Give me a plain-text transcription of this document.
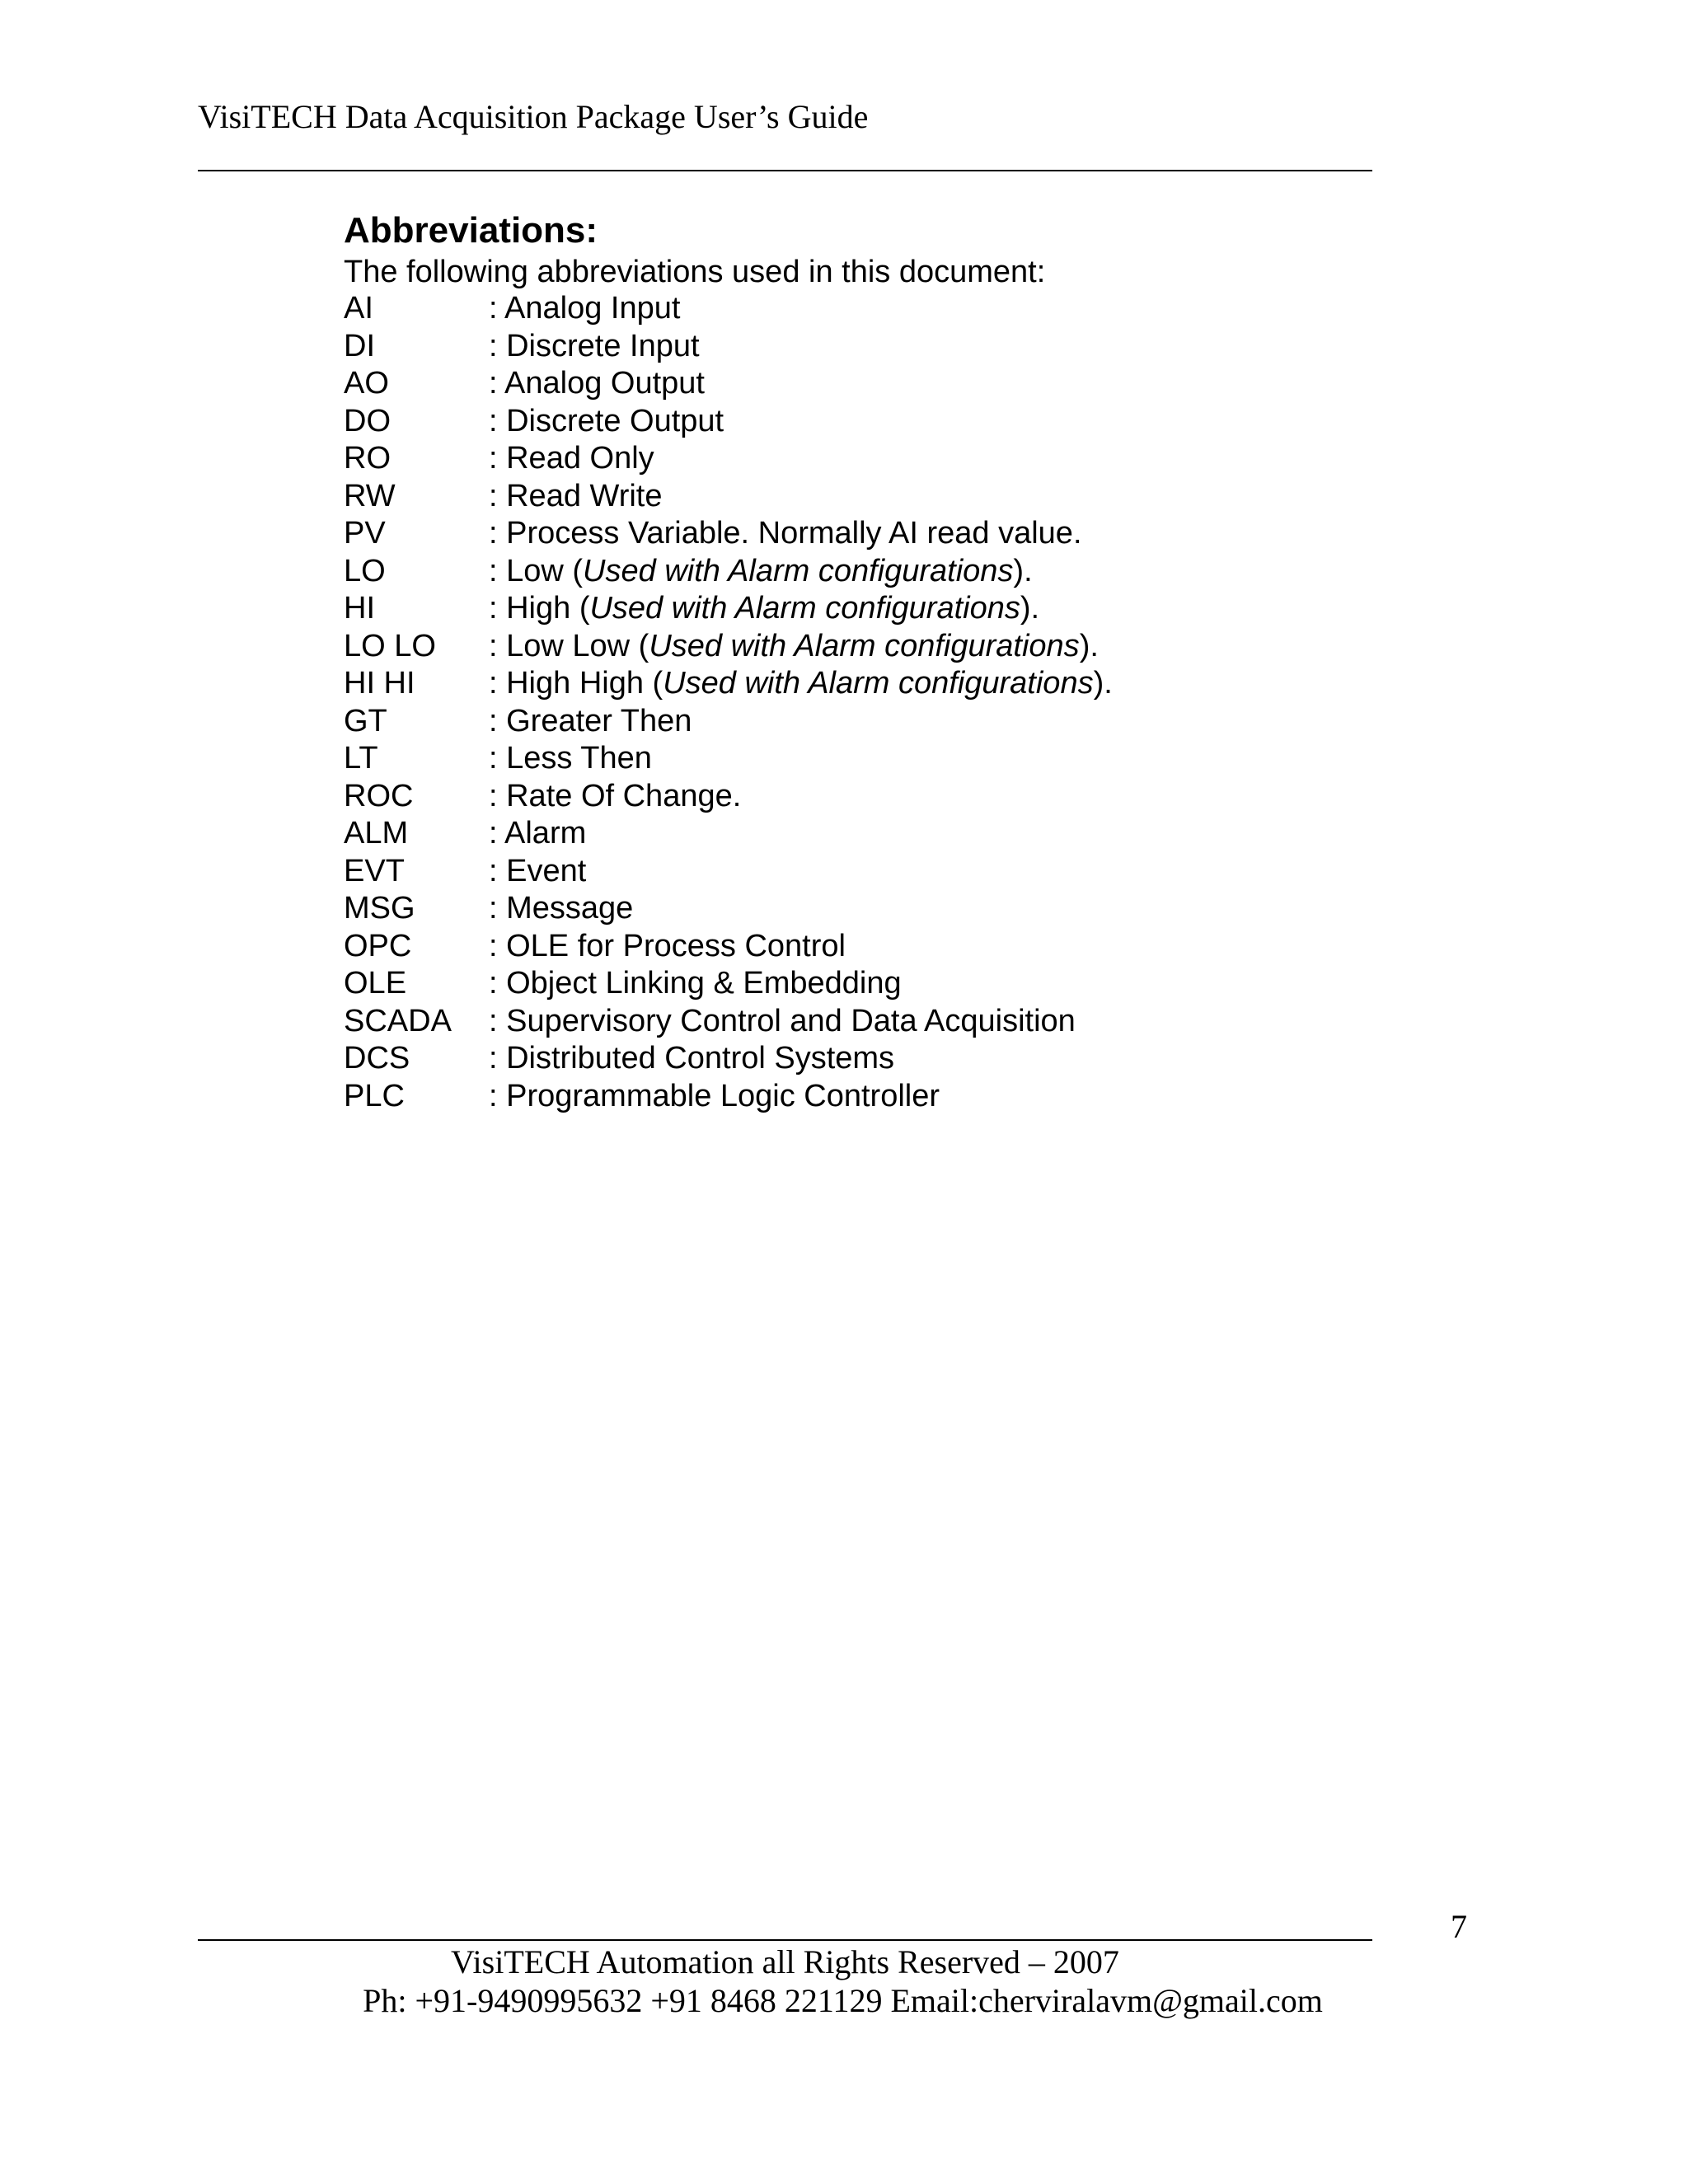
VisiTECH Data Acquisition Package User’s Guide
Abbreviations:
The following abbreviations used in this document:
AI	: Analog Input
DI	: Discrete Input
AO	: Analog Output
DO	: Discrete Output
RO	: Read Only
RW	: Read Write
PV	: Process Variable. Normally AI read value.
LO	: Low (Used with Alarm configurations).
HI	: High (Used with Alarm configurations).
LO LO : Low Low (Used with Alarm configurations).
HI HI : High High (Used with Alarm configurations).
GT	: Greater Then
LT	: Less Then
ROC : Rate Of Change.
ALM	: Alarm
EVT	: Event
MSG : Message
OPC : OLE for Process Control
OLE	: Object Linking & Embedding
SCADA : Supervisory Control and Data Acquisition
DCS	: Distributed Control Systems
PLC	: Programmable Logic Controller
7
VisiTECH Automation all Rights Reserved – 2007
Ph: +91-9490995632 +91 8468 221129 Email:cherviralavm@gmail.com
